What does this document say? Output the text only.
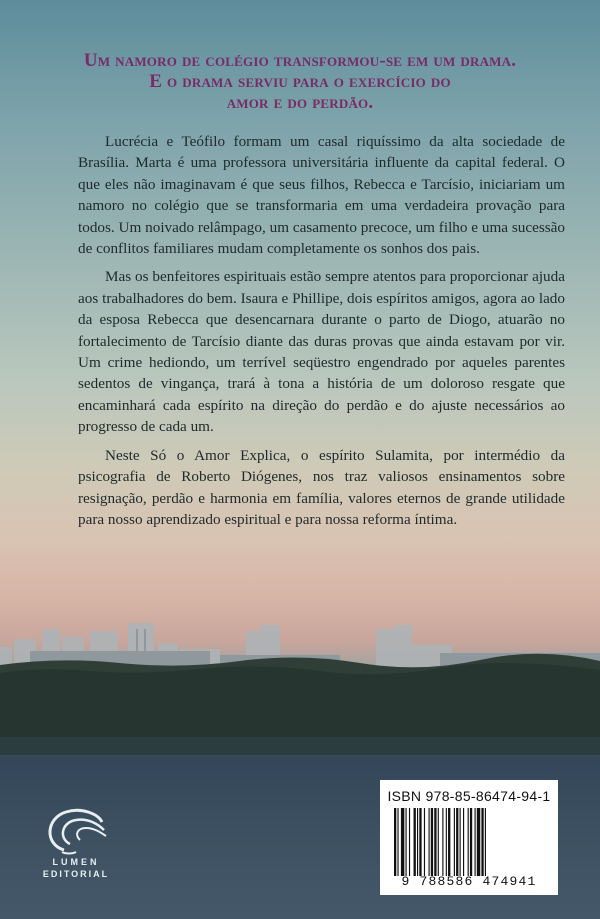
Um namoro de colégio transformou-se em um drama.
E o drama serviu para o exercício do
amor e do perdão.

Lucrécia e Teófilo formam um casal riquíssimo da alta sociedade de Brasília. Marta é uma professora universitária influente da capital federal. O que eles não imaginavam é que seus filhos, Rebecca e Tarcísio, iniciariam um namoro no colégio que se transformaria em uma verdadeira provação para todos. Um noivado relâmpago, um casamento precoce, um filho e uma sucessão de conflitos familiares mudam completamente os sonhos dos pais.

Mas os benfeitores espirituais estão sempre atentos para proporcionar ajuda aos trabalhadores do bem. Isaura e Phillipe, dois espíritos amigos, agora ao lado da esposa Rebecca que desencarnara durante o parto de Diogo, atuarão no fortalecimento de Tarcísio diante das duras provas que ainda estavam por vir. Um crime hediondo, um terrível seqüestro engendrado por aqueles parentes sedentos de vingança, trará à tona a história de um doloroso resgate que encaminhará cada espírito na direção do perdão e do ajuste necessários ao progresso de cada um.

Neste Só o Amor Explica, o espírito Sulamita, por intermédio da psicografia de Roberto Diógenes, nos traz valiosos ensinamentos sobre resignação, perdão e harmonia em família, valores eternos de grande utilidade para nosso aprendizado espiritual e para nossa reforma íntima.

LUMEN
EDITORIAL
ISBN 978-85-86474-94-1
9 788586 474941
